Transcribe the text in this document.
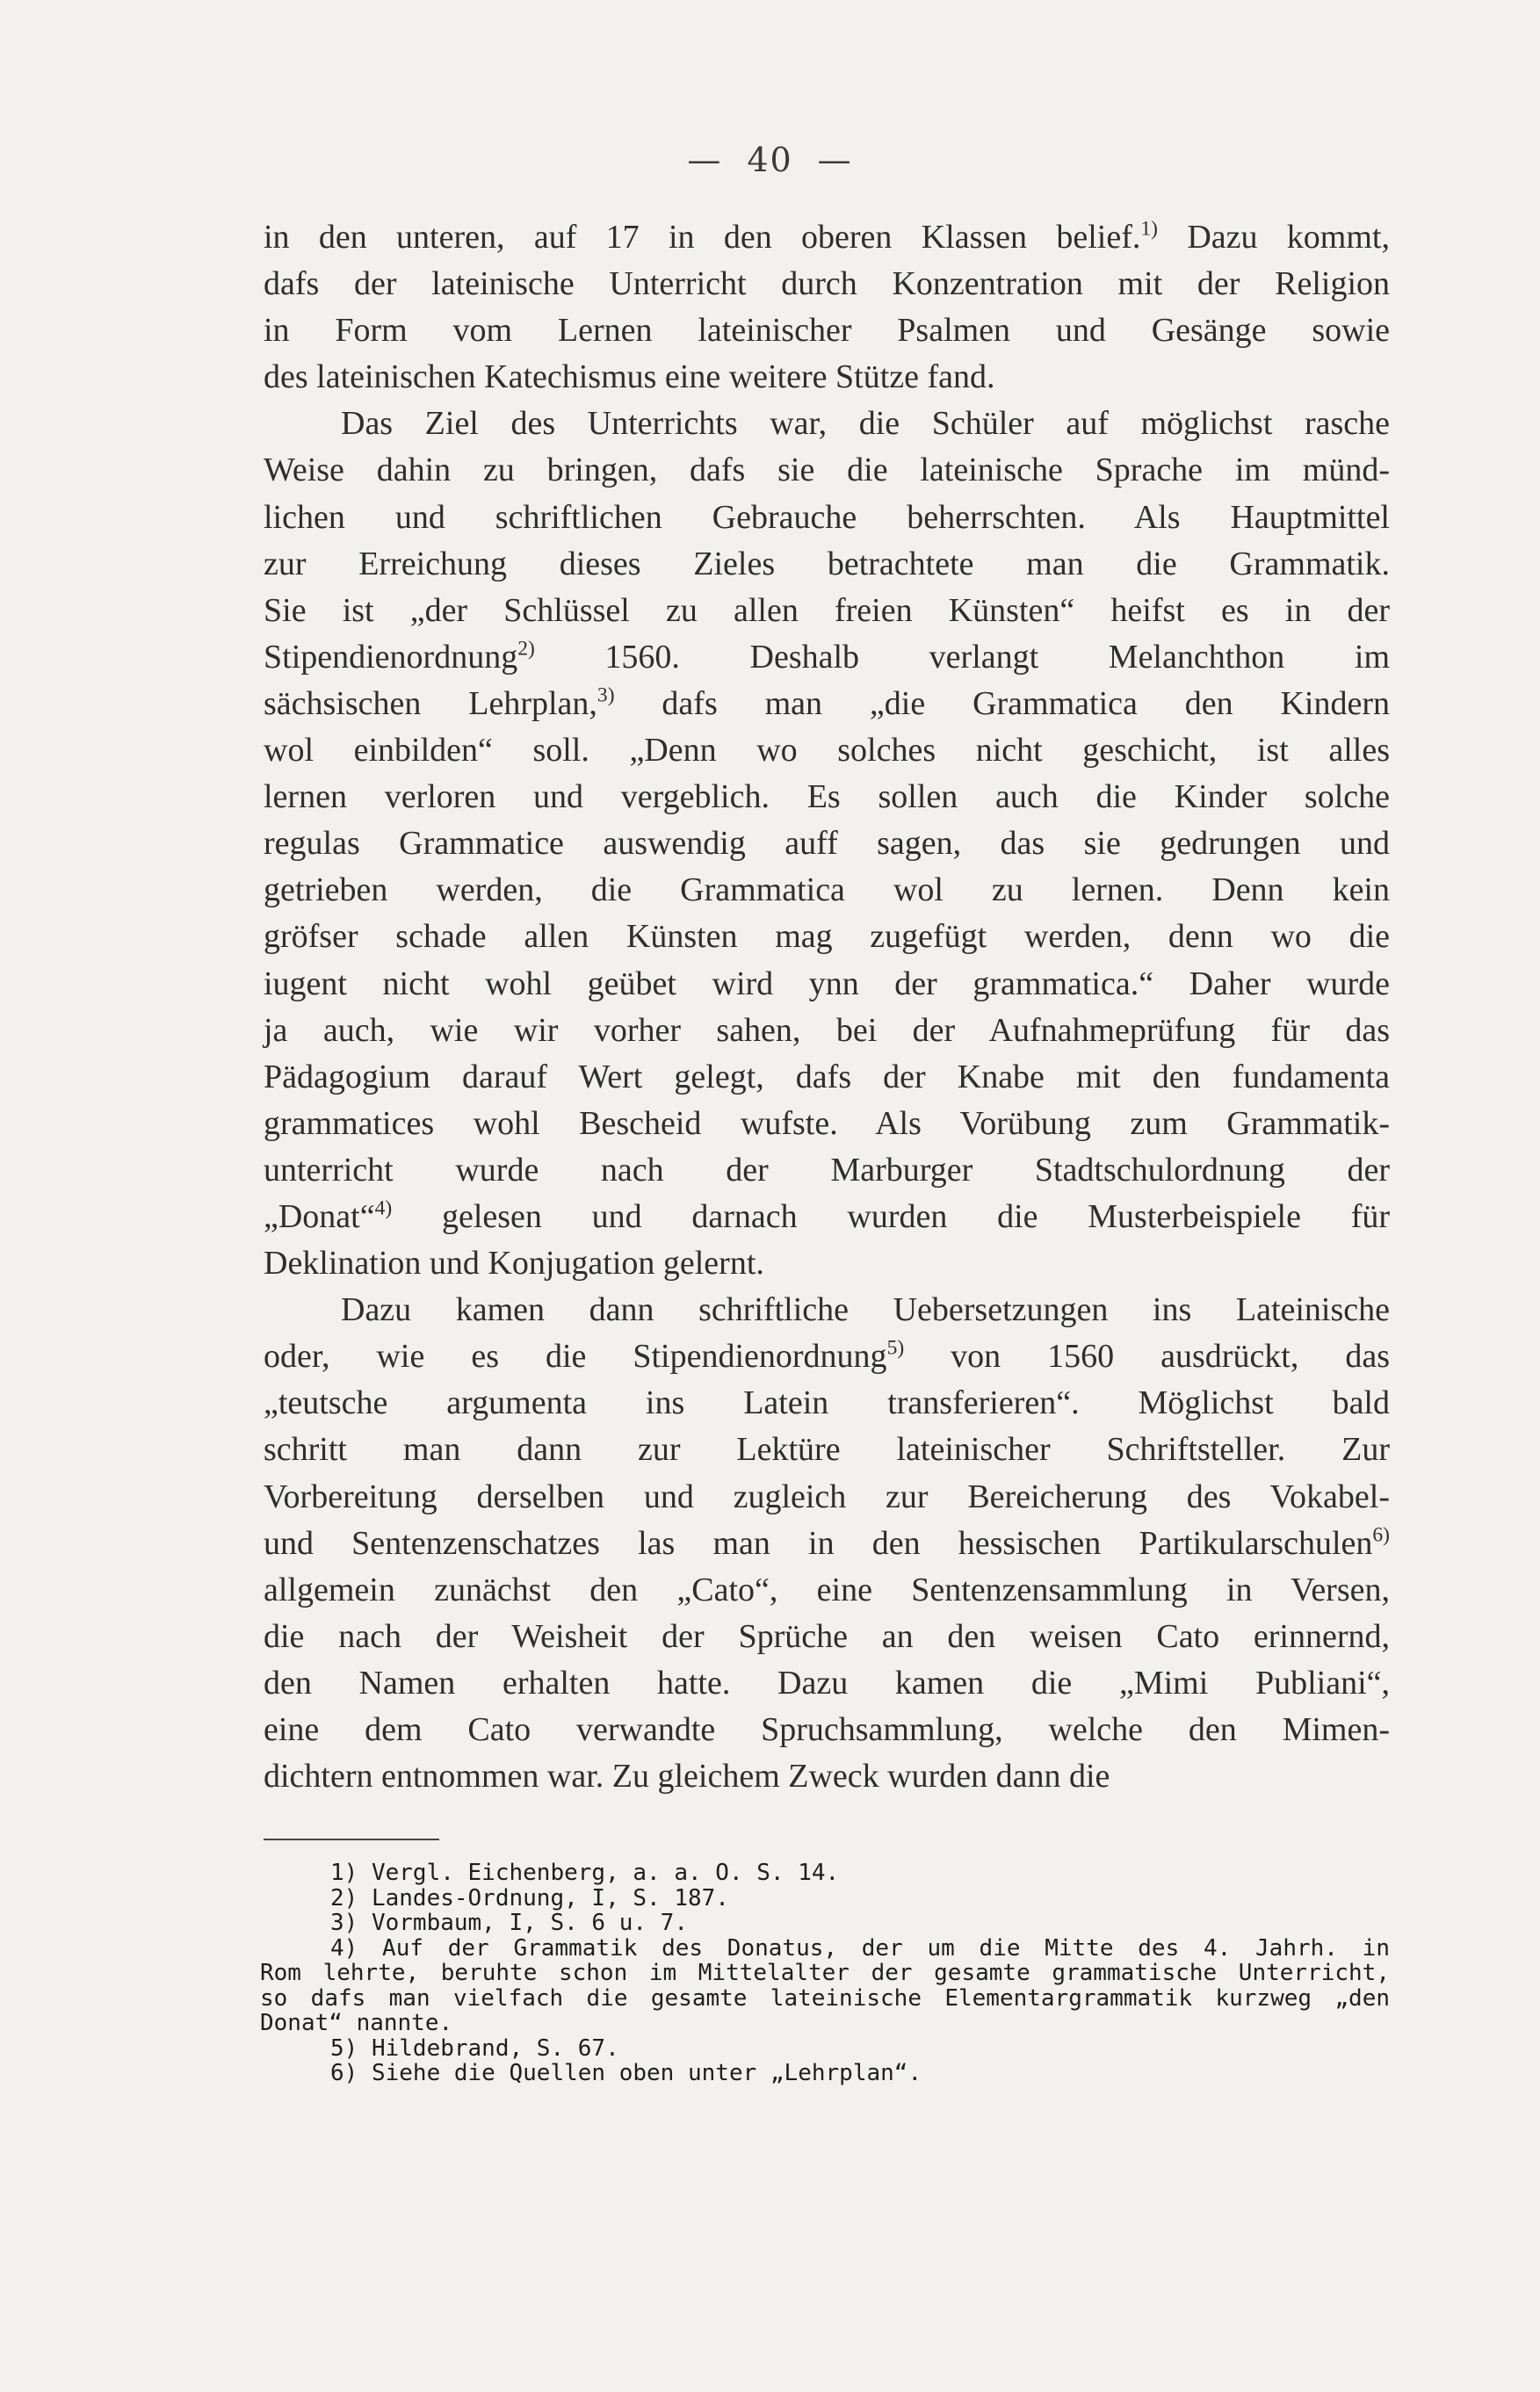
— 40 —
in den unteren, auf 17 in den oberen Klassen belief.$^{1)}$ Dazu kommt,
dafs der lateinische Unterricht durch Konzentration mit der Religion
in Form vom Lernen lateinischer Psalmen und Gesänge sowie
des lateinischen Katechismus eine weitere Stütze fand.
Das Ziel des Unterrichts war, die Schüler auf möglichst rasche
Weise dahin zu bringen, dafs sie die lateinische Sprache im münd-
lichen und schriftlichen Gebrauche beherrschten. Als Hauptmittel
zur Erreichung dieses Zieles betrachtete man die Grammatik.
Sie ist „der Schlüssel zu allen freien Künsten“ heifst es in der
Stipendienordnung$^{2)}$ 1560. Deshalb verlangt Melanchthon im
sächsischen Lehrplan,$^{3)}$ dafs man „die Grammatica den Kindern
wol einbilden“ soll. „Denn wo solches nicht geschicht, ist alles
lernen verloren und vergeblich. Es sollen auch die Kinder solche
regulas Grammatice auswendig auff sagen, das sie gedrungen und
getrieben werden, die Grammatica wol zu lernen. Denn kein
gröfser schade allen Künsten mag zugefügt werden, denn wo die
iugent nicht wohl geübet wird ynn der grammatica.“ Daher wurde
ja auch, wie wir vorher sahen, bei der Aufnahmeprüfung für das
Pädagogium darauf Wert gelegt, dafs der Knabe mit den fundamenta
grammatices wohl Bescheid wufste. Als Vorübung zum Grammatik-
unterricht wurde nach der Marburger Stadtschulordnung der
„Donat“$^{4)}$ gelesen und darnach wurden die Musterbeispiele für
Deklination und Konjugation gelernt.
Dazu kamen dann schriftliche Uebersetzungen ins Lateinische
oder, wie es die Stipendienordnung$^{5)}$ von 1560 ausdrückt, das
„teutsche argumenta ins Latein transferieren“. Möglichst bald
schritt man dann zur Lektüre lateinischer Schriftsteller. Zur
Vorbereitung derselben und zugleich zur Bereicherung des Vokabel-
und Sentenzenschatzes las man in den hessischen Partikularschulen$^{6)}$
allgemein zunächst den „Cato“, eine Sentenzensammlung in Versen,
die nach der Weisheit der Sprüche an den weisen Cato erinnernd,
den Namen erhalten hatte. Dazu kamen die „Mimi Publiani“,
eine dem Cato verwandte Spruchsammlung, welche den Mimen-
dichtern entnommen war. Zu gleichem Zweck wurden dann die
1) Vergl. Eichenberg, a. a. O. S. 14.
2) Landes-Ordnung, I, S. 187.
3) Vormbaum, I, S. 6 u. 7.
4) Auf der Grammatik des Donatus, der um die Mitte des 4. Jahrh. in
Rom lehrte, beruhte schon im Mittelalter der gesamte grammatische Unterricht,
so dafs man vielfach die gesamte lateinische Elementargrammatik kurzweg „den
Donat“ nannte.
5) Hildebrand, S. 67.
6) Siehe die Quellen oben unter „Lehrplan“.
